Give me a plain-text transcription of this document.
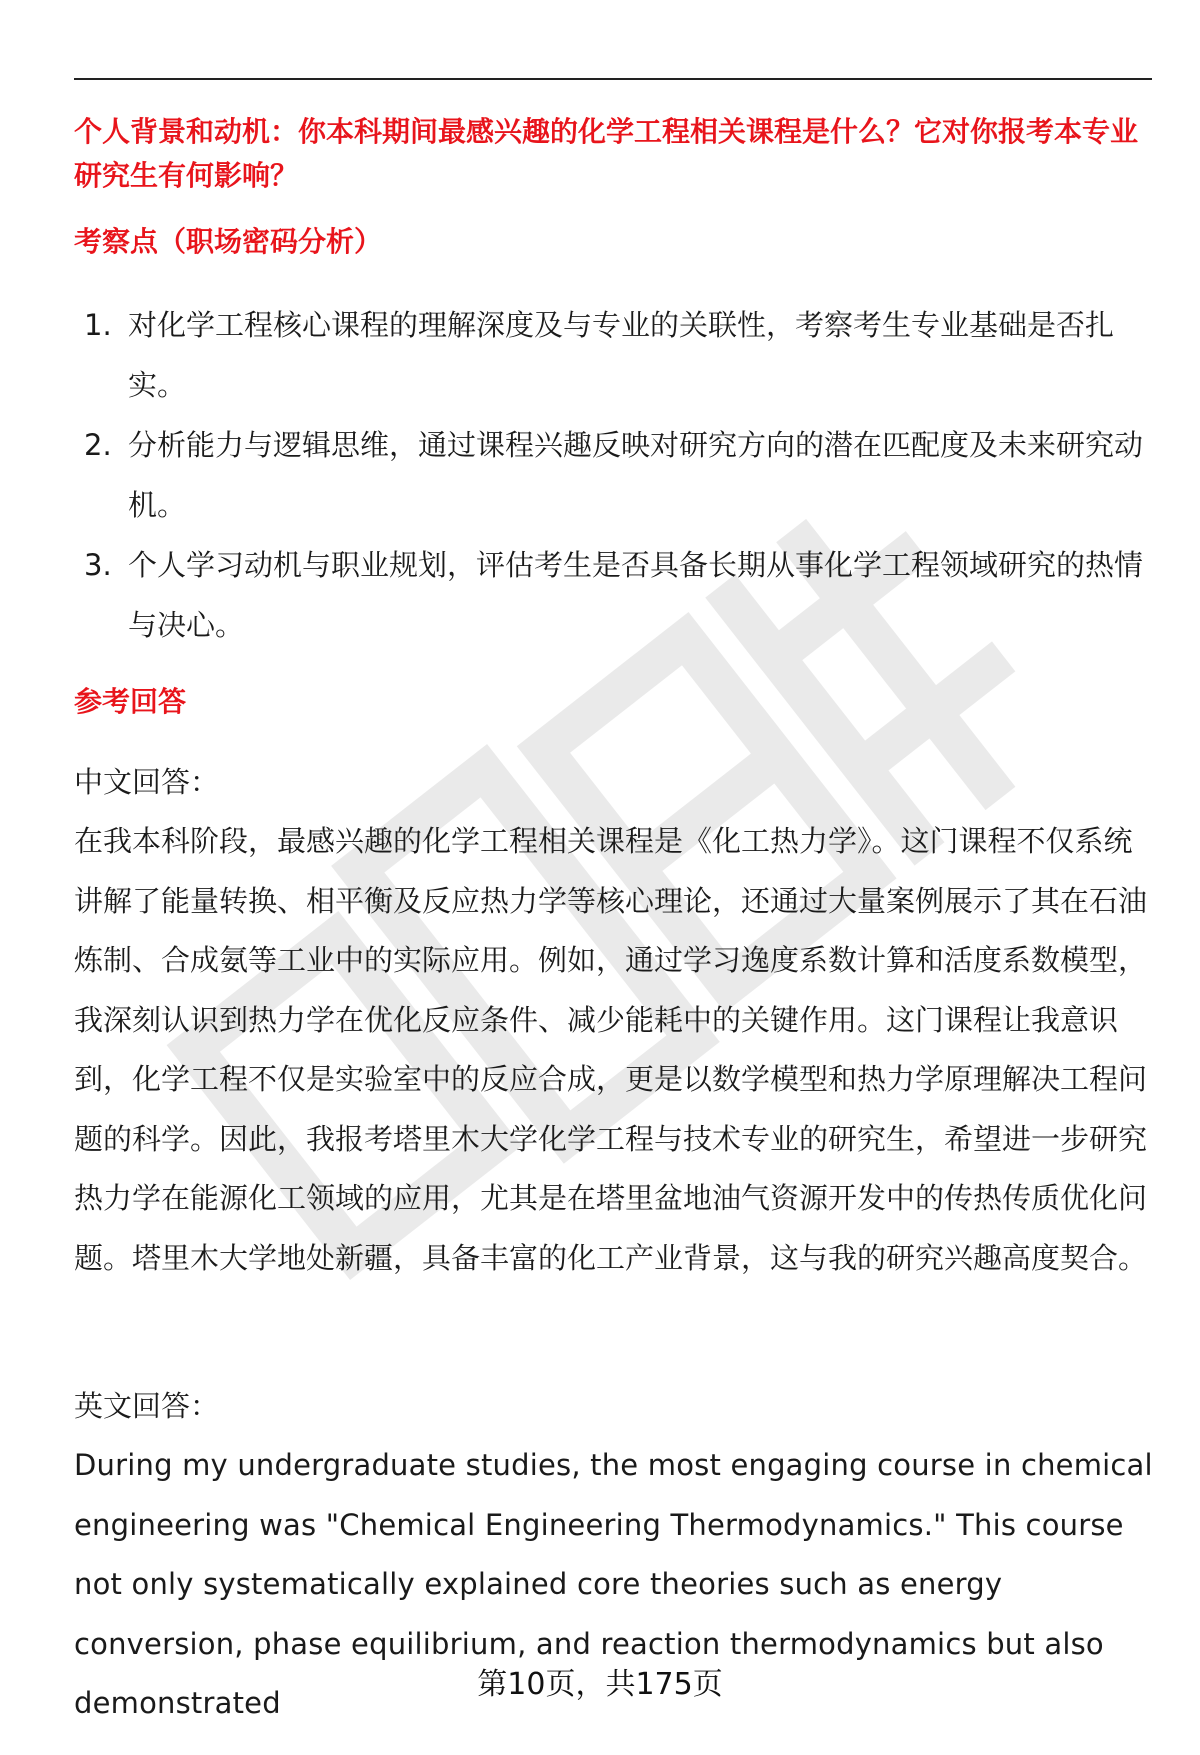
个人背景和动机：你本科期间最感兴趣的化学工程相关课程是什么？它对你报考本专业研究生有何影响？
考察点（职场密码分析）
1. 对化学工程核心课程的理解深度及与专业的关联性，考察考生专业基础是否扎实。
2. 分析能力与逻辑思维，通过课程兴趣反映对研究方向的潜在匹配度及未来研究动机。
3. 个人学习动机与职业规划，评估考生是否具备长期从事化学工程领域研究的热情与决心。
参考回答
中文回答：
在我本科阶段，最感兴趣的化学工程相关课程是《化工热力学》。这门课程不仅系统讲解了能量转换、相平衡及反应热力学等核心理论，还通过大量案例展示了其在石油炼制、合成氨等工业中的实际应用。例如，通过学习逸度系数计算和活度系数模型，我深刻认识到热力学在优化反应条件、减少能耗中的关键作用。这门课程让我意识到，化学工程不仅是实验室中的反应合成，更是以数学模型和热力学原理解决工程问题的科学。因此，我报考塔里木大学化学工程与技术专业的研究生，希望进一步研究热力学在能源化工领域的应用，尤其是在塔里盆地油气资源开发中的传热传质优化问题。塔里木大学地处新疆，具备丰富的化工产业背景，这与我的研究兴趣高度契合。
英文回答：
During my undergraduate studies, the most engaging course in chemical engineering was "Chemical Engineering Thermodynamics." This course not only systematically explained core theories such as energy conversion, phase equilibrium, and reaction thermodynamics but also demonstrated
第10页，共175页
